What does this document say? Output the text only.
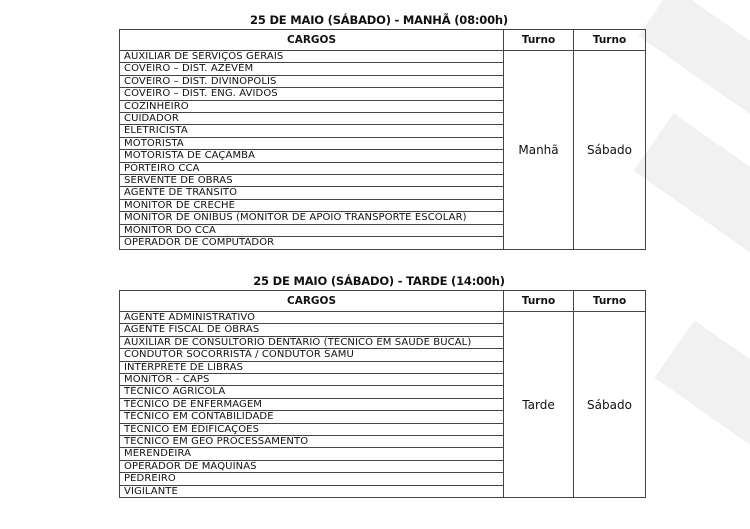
25 DE MAIO (SÁBADO) - MANHÃ (08:00h)
CARGOS	Turno	Turno
AUXILIAR DE SERVIÇOS GERAIS	Manhã	Sábado
COVEIRO – DIST. AZEVÉM		
COVEIRO – DIST. DIVINÓPOLIS		
COVEIRO – DIST. ENG. ÁVIDOS		
COZINHEIRO		
CUIDADOR		
ELETRICISTA		
MOTORISTA		
MOTORISTA DE CAÇAMBA		
PORTEIRO CCA		
SERVENTE DE OBRAS		
AGENTE DE TRÂNSITO		
MONITOR DE CRECHE		
MONITOR DE ÔNIBUS (MONITOR DE APOIO TRANSPORTE ESCOLAR)		
MONITOR DO CCA		
OPERADOR DE COMPUTADOR		
25 DE MAIO (SÁBADO) - TARDE (14:00h)
CARGOS	Turno	Turno
AGENTE ADMINISTRATIVO	Tarde	Sábado
AGENTE FISCAL DE OBRAS		
AUXILIAR DE CONSULTÓRIO DENTÁRIO (TÉCNICO EM SAÚDE BUCAL)		
CONDUTOR SOCORRISTA / CONDUTOR SAMU		
INTÉRPRETE DE LIBRAS		
MONITOR - CAPS		
TÉCNICO AGRÍCOLA		
TÉCNICO DE ENFERMAGEM		
TÉCNICO EM CONTABILIDADE		
TÉCNICO EM EDIFICAÇÕES		
TÉCNICO EM GEO PROCESSAMENTO		
MERENDEIRA		
OPERADOR DE MÁQUINAS		
PEDREIRO		
VIGILANTE		
